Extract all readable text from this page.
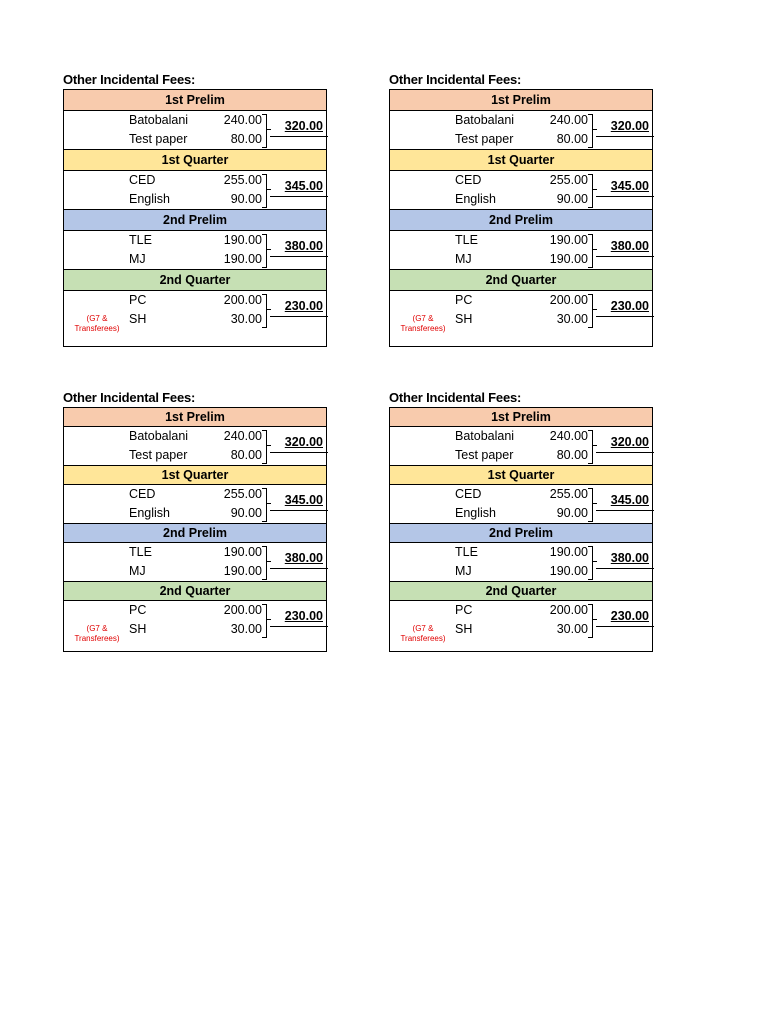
Other Incidental Fees:
1st Prelim
Batobalani	240.00
Test paper	80.00
320.00
1st Quarter
CED	255.00
English	90.00
345.00
2nd Prelim
TLE	190.00
MJ	190.00
380.00
2nd Quarter
PC	200.00
SH	30.00
(G7 & Transferees)
230.00
Other Incidental Fees:
1st Prelim
Batobalani	240.00
Test paper	80.00
320.00
1st Quarter
CED	255.00
English	90.00
345.00
2nd Prelim
TLE	190.00
MJ	190.00
380.00
2nd Quarter
PC	200.00
SH	30.00
(G7 & Transferees)
230.00
Other Incidental Fees:
1st Prelim
Batobalani	240.00
Test paper	80.00
320.00
1st Quarter
CED	255.00
English	90.00
345.00
2nd Prelim
TLE	190.00
MJ	190.00
380.00
2nd Quarter
PC	200.00
SH	30.00
(G7 & Transferees)
230.00
Other Incidental Fees:
1st Prelim
Batobalani	240.00
Test paper	80.00
320.00
1st Quarter
CED	255.00
English	90.00
345.00
2nd Prelim
TLE	190.00
MJ	190.00
380.00
2nd Quarter
PC	200.00
SH	30.00
(G7 & Transferees)
230.00
